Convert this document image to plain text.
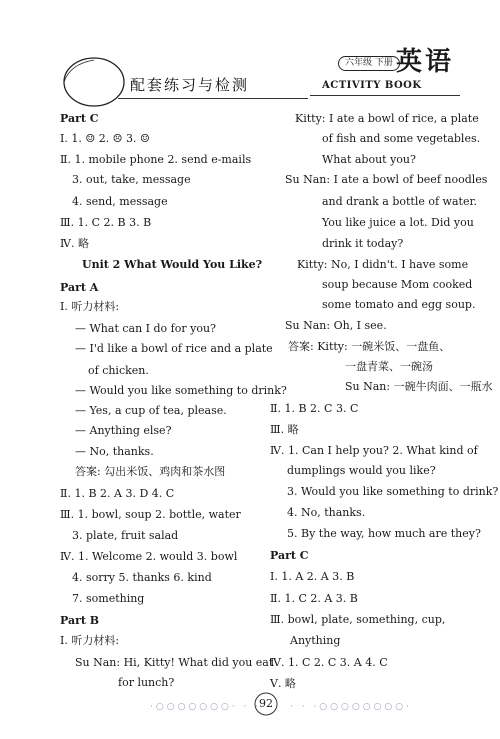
配套练习与检测
六年级 下册 英语
ACTIVITY BOOK
Part C
Ⅰ. 1. ☺ 2. ☹ 3. ☺
Ⅱ. 1. mobile phone 2. send e-mails
3. out, take, message
4. send, message
Ⅲ. 1. C 2. B 3. B
Ⅳ. 略
Unit 2 What Would You Like?
Part A
Ⅰ. 听力材料:
— What can I do for you?
— I'd like a bowl of rice and a plate
of chicken.
— Would you like something to drink?
— Yes, a cup of tea, please.
— Anything else?
— No, thanks.
答案: 勾出米饭、鸡肉和茶水图
Ⅱ. 1. B 2. A 3. D 4. C
Ⅲ. 1. bowl, soup 2. bottle, water
3. plate, fruit salad
Ⅳ. 1. Welcome 2. would 3. bowl
4. sorry 5. thanks 6. kind
7. something
Part B
Ⅰ. 听力材料:
Su Nan: Hi, Kitty! What did you eat
for lunch?
Kitty: I ate a bowl of rice, a plate
of fish and some vegetables.
What about you?
Su Nan: I ate a bowl of beef noodles
and drank a bottle of water.
You like juice a lot. Did you
drink it today?
Kitty: No, I didn't. I have some
soup because Mom cooked
some tomato and egg soup.
Su Nan: Oh, I see.
答案: Kitty: 一碗米饭、一盘鱼、
一盘青菜、一碗汤
Su Nan: 一碗牛肉面、一瓶水
Ⅱ. 1. B 2. C 3. C
Ⅲ. 略
Ⅳ. 1. Can I help you? 2. What kind of
dumplings would you like?
3. Would you like something to drink?
4. No, thanks.
5. By the way, how much are they?
Part C
Ⅰ. 1. A 2. A 3. B
Ⅱ. 1. C 2. A 3. B
Ⅲ. bowl, plate, something, cup,
Anything
Ⅳ. 1. C 2. C 3. A 4. C
Ⅴ. 略
·○○○○○○○· · ·
92	· · ·○○○○○○○○·
